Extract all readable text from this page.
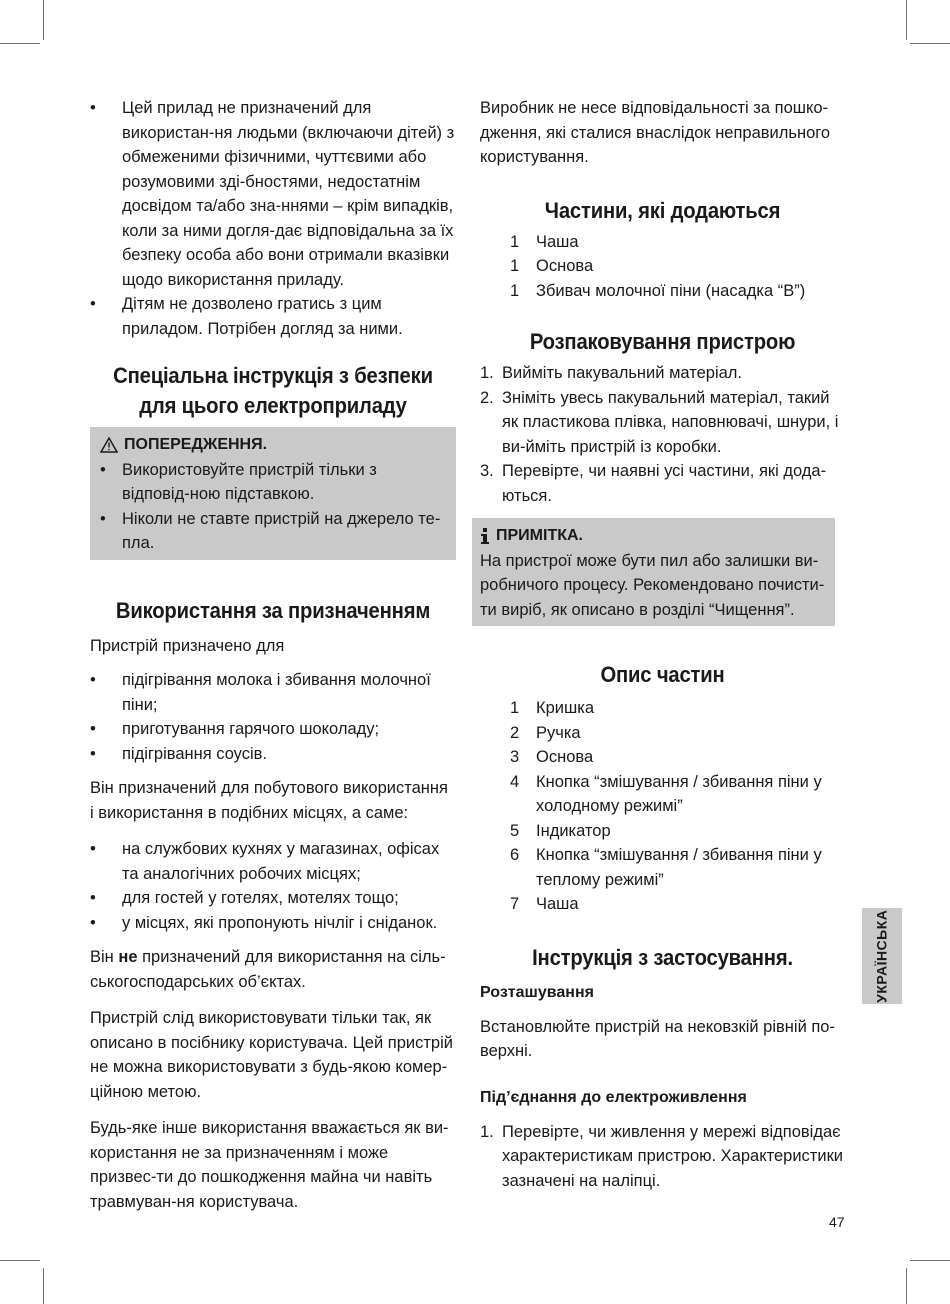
• Цей прилад не призначений для використан-ня людьми (включаючи дітей) з обмеженими фізичними, чуттєвими або розумовими зді-бностями, недостатнім досвідом та/або зна-ннями – крім випадків, коли за ними догля-дає відповідальна за їх безпеку особа або вони отримали вказівки щодо використання приладу.
• Дітям не дозволено гратись з цим приладом. Потрібен догляд за ними.
Спеціальна інструкція з безпеки для цього електроприладу
ПОПЕРЕДЖЕННЯ.
• Використовуйте пристрій тільки з відповід-ною підставкою.
• Ніколи не ставте пристрій на джерело те-пла.
Використання за призначенням

Пристрій призначено для

• підігрівання молока і збивання молочної піни;
• приготування гарячого шоколаду;
• підігрівання соусів.

Він призначений для побутового використання і використання в подібних місцях, а саме:

• на службових кухнях у магазинах, офісах та аналогічних робочих місцях;
• для гостей у готелях, мотелях тощо;
• у місцях, які пропонують нічліг і сніданок.

Він не призначений для використання на сіль-ськогосподарських об’єктах.

Пристрій слід використовувати тільки так, як описано в посібнику користувача. Цей пристрій не можна використовувати з будь-якою комер-ційною метою.

Будь-яке інше використання вважається як ви-користання не за призначенням і може призвес-ти до пошкодження майна чи навіть травмуван-ня користувача.

Виробник не несе відповідальності за пошко-дження, які сталися внаслідок неправильного користування.

Частини, які додаються
1 Чаша
1 Основа
1 Збивач молочної піни (насадка “B”)
Розпаковування пристрою
1. Вийміть пакувальний матеріал.
2. Зніміть увесь пакувальний матеріал, такий як пластикова плівка, наповнювачі, шнури, і ви-йміть пристрій із коробки.
3. Перевірте, чи наявні усі частини, які дода-ються.
ПРИМІТКА.

На пристрої може бути пил або залишки ви-робничого процесу. Рекомендовано почисти-ти виріб, як описано в розділі “Чищення”.

Опис частин
1 Кришка
2 Ручка
3 Основа
4 Кнопка “змішування / збивання піни у холодному режимі”
5 Індикатор
6 Кнопка “змішування / збивання піни у теплому режимі”
7 Чаша
Інструкція з застосування.
Розташування

Встановлюйте пристрій на нековзкій рівній по-верхні.

Під’єднання до електроживлення
1. Перевірте, чи живлення у мережі відповідає характеристикам пристрою. Характеристики зазначені на наліпці.
УКРАЇНСЬКА
47
